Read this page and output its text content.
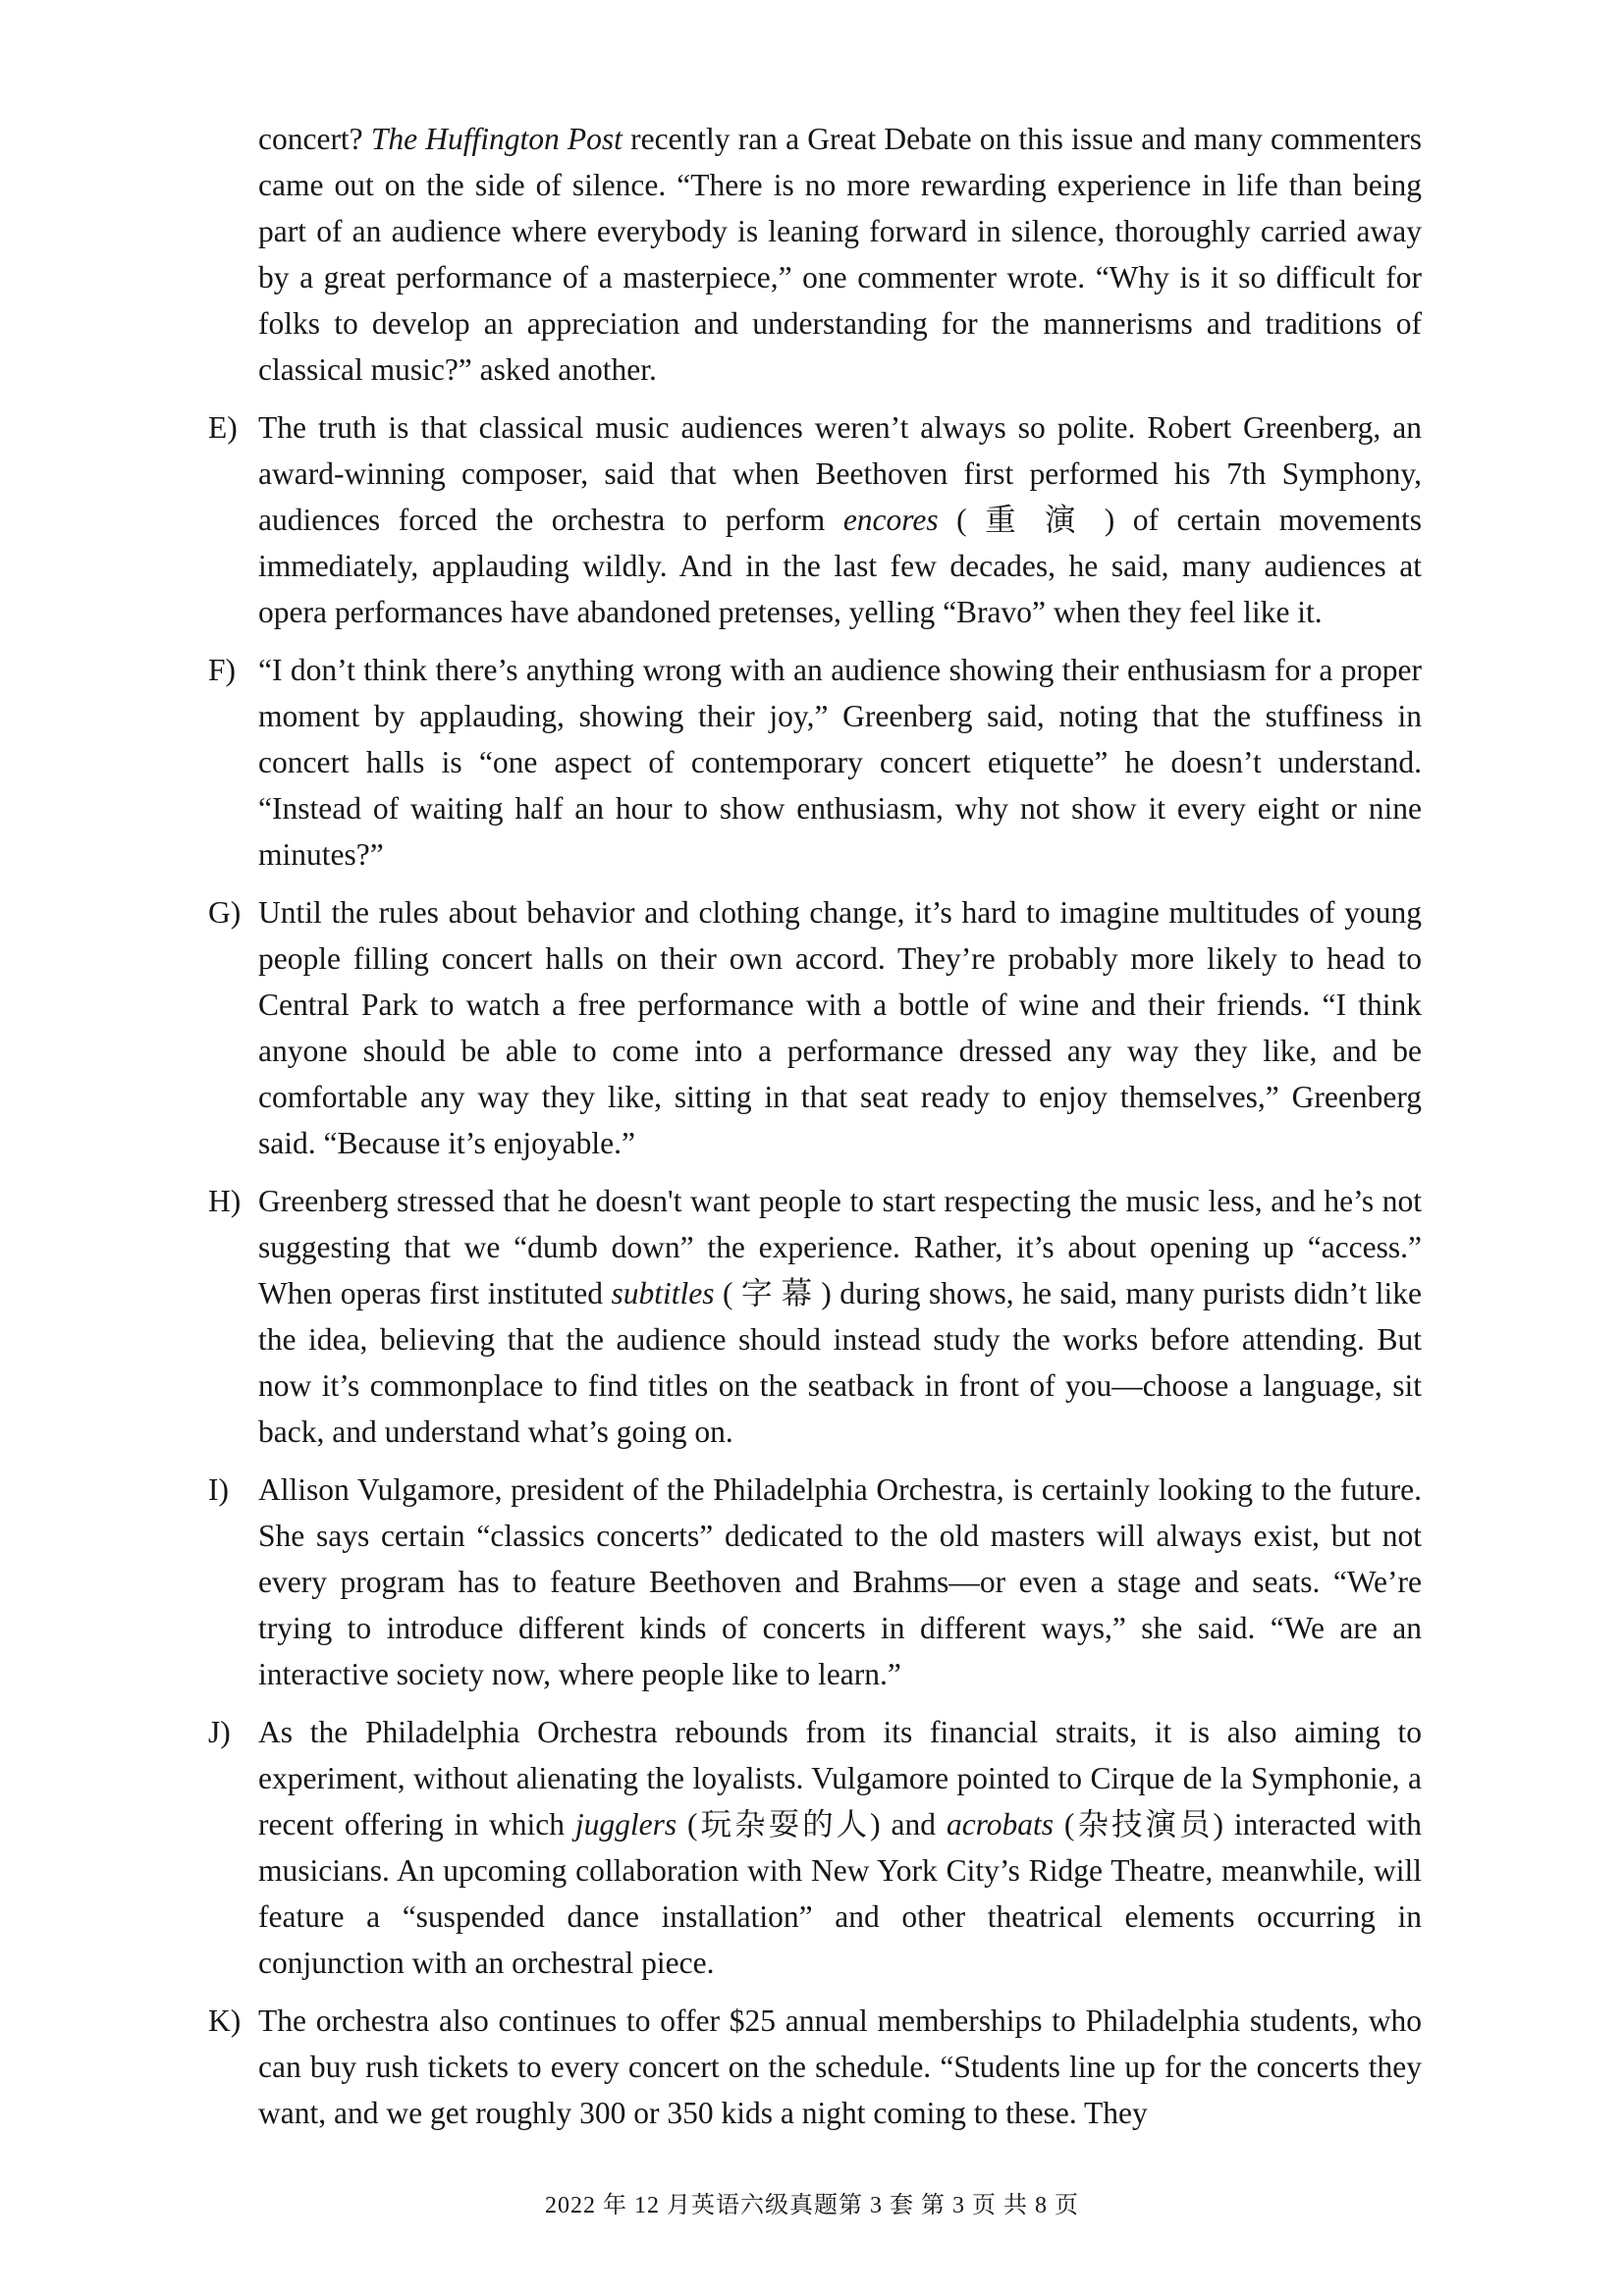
concert? The Huffington Post recently ran a Great Debate on this issue and many commenters came out on the side of silence. “There is no more rewarding experience in life than being part of an audience where everybody is leaning forward in silence, thoroughly carried away by a great performance of a masterpiece,” one commenter wrote. “Why is it so difficult for folks to develop an appreciation and understanding for the mannerisms and traditions of classical music?” asked another.

E) The truth is that classical music audiences weren’t always so polite. Robert Greenberg, an award-winning composer, said that when Beethoven first performed his 7th Symphony, audiences forced the orchestra to perform encores ( 重 演 ) of certain movements immediately, applauding wildly. And in the last few decades, he said, many audiences at opera performances have abandoned pretenses, yelling “Bravo” when they feel like it.

F) “I don’t think there’s anything wrong with an audience showing their enthusiasm for a proper moment by applauding, showing their joy,” Greenberg said, noting that the stuffiness in concert halls is “one aspect of contemporary concert etiquette” he doesn’t understand. “Instead of waiting half an hour to show enthusiasm, why not show it every eight or nine minutes?”

G) Until the rules about behavior and clothing change, it’s hard to imagine multitudes of young people filling concert halls on their own accord. They’re probably more likely to head to Central Park to watch a free performance with a bottle of wine and their friends. “I think anyone should be able to come into a performance dressed any way they like, and be comfortable any way they like, sitting in that seat ready to enjoy themselves,” Greenberg said. “Because it’s enjoyable.”

H) Greenberg stressed that he doesn't want people to start respecting the music less, and he’s not suggesting that we “dumb down” the experience. Rather, it’s about opening up “access.” When operas first instituted subtitles ( 字 幕 ) during shows, he said, many purists didn’t like the idea, believing that the audience should instead study the works before attending. But now it’s commonplace to find titles on the seatback in front of you—choose a language, sit back, and understand what’s going on.

I) Allison Vulgamore, president of the Philadelphia Orchestra, is certainly looking to the future. She says certain “classics concerts” dedicated to the old masters will always exist, but not every program has to feature Beethoven and Brahms—or even a stage and seats. “We’re trying to introduce different kinds of concerts in different ways,” she said. “We are an interactive society now, where people like to learn.”

J) As the Philadelphia Orchestra rebounds from its financial straits, it is also aiming to experiment, without alienating the loyalists. Vulgamore pointed to Cirque de la Symphonie, a recent offering in which jugglers (玩杂耍的人) and acrobats (杂技演员) interacted with musicians. An upcoming collaboration with New York City’s Ridge Theatre, meanwhile, will feature a “suspended dance installation” and other theatrical elements occurring in conjunction with an orchestral piece.

K) The orchestra also continues to offer $25 annual memberships to Philadelphia students, who can buy rush tickets to every concert on the schedule. “Students line up for the concerts they want, and we get roughly 300 or 350 kids a night coming to these. They

2022 年 12 月英语六级真题第 3 套 第 3 页 共 8 页
